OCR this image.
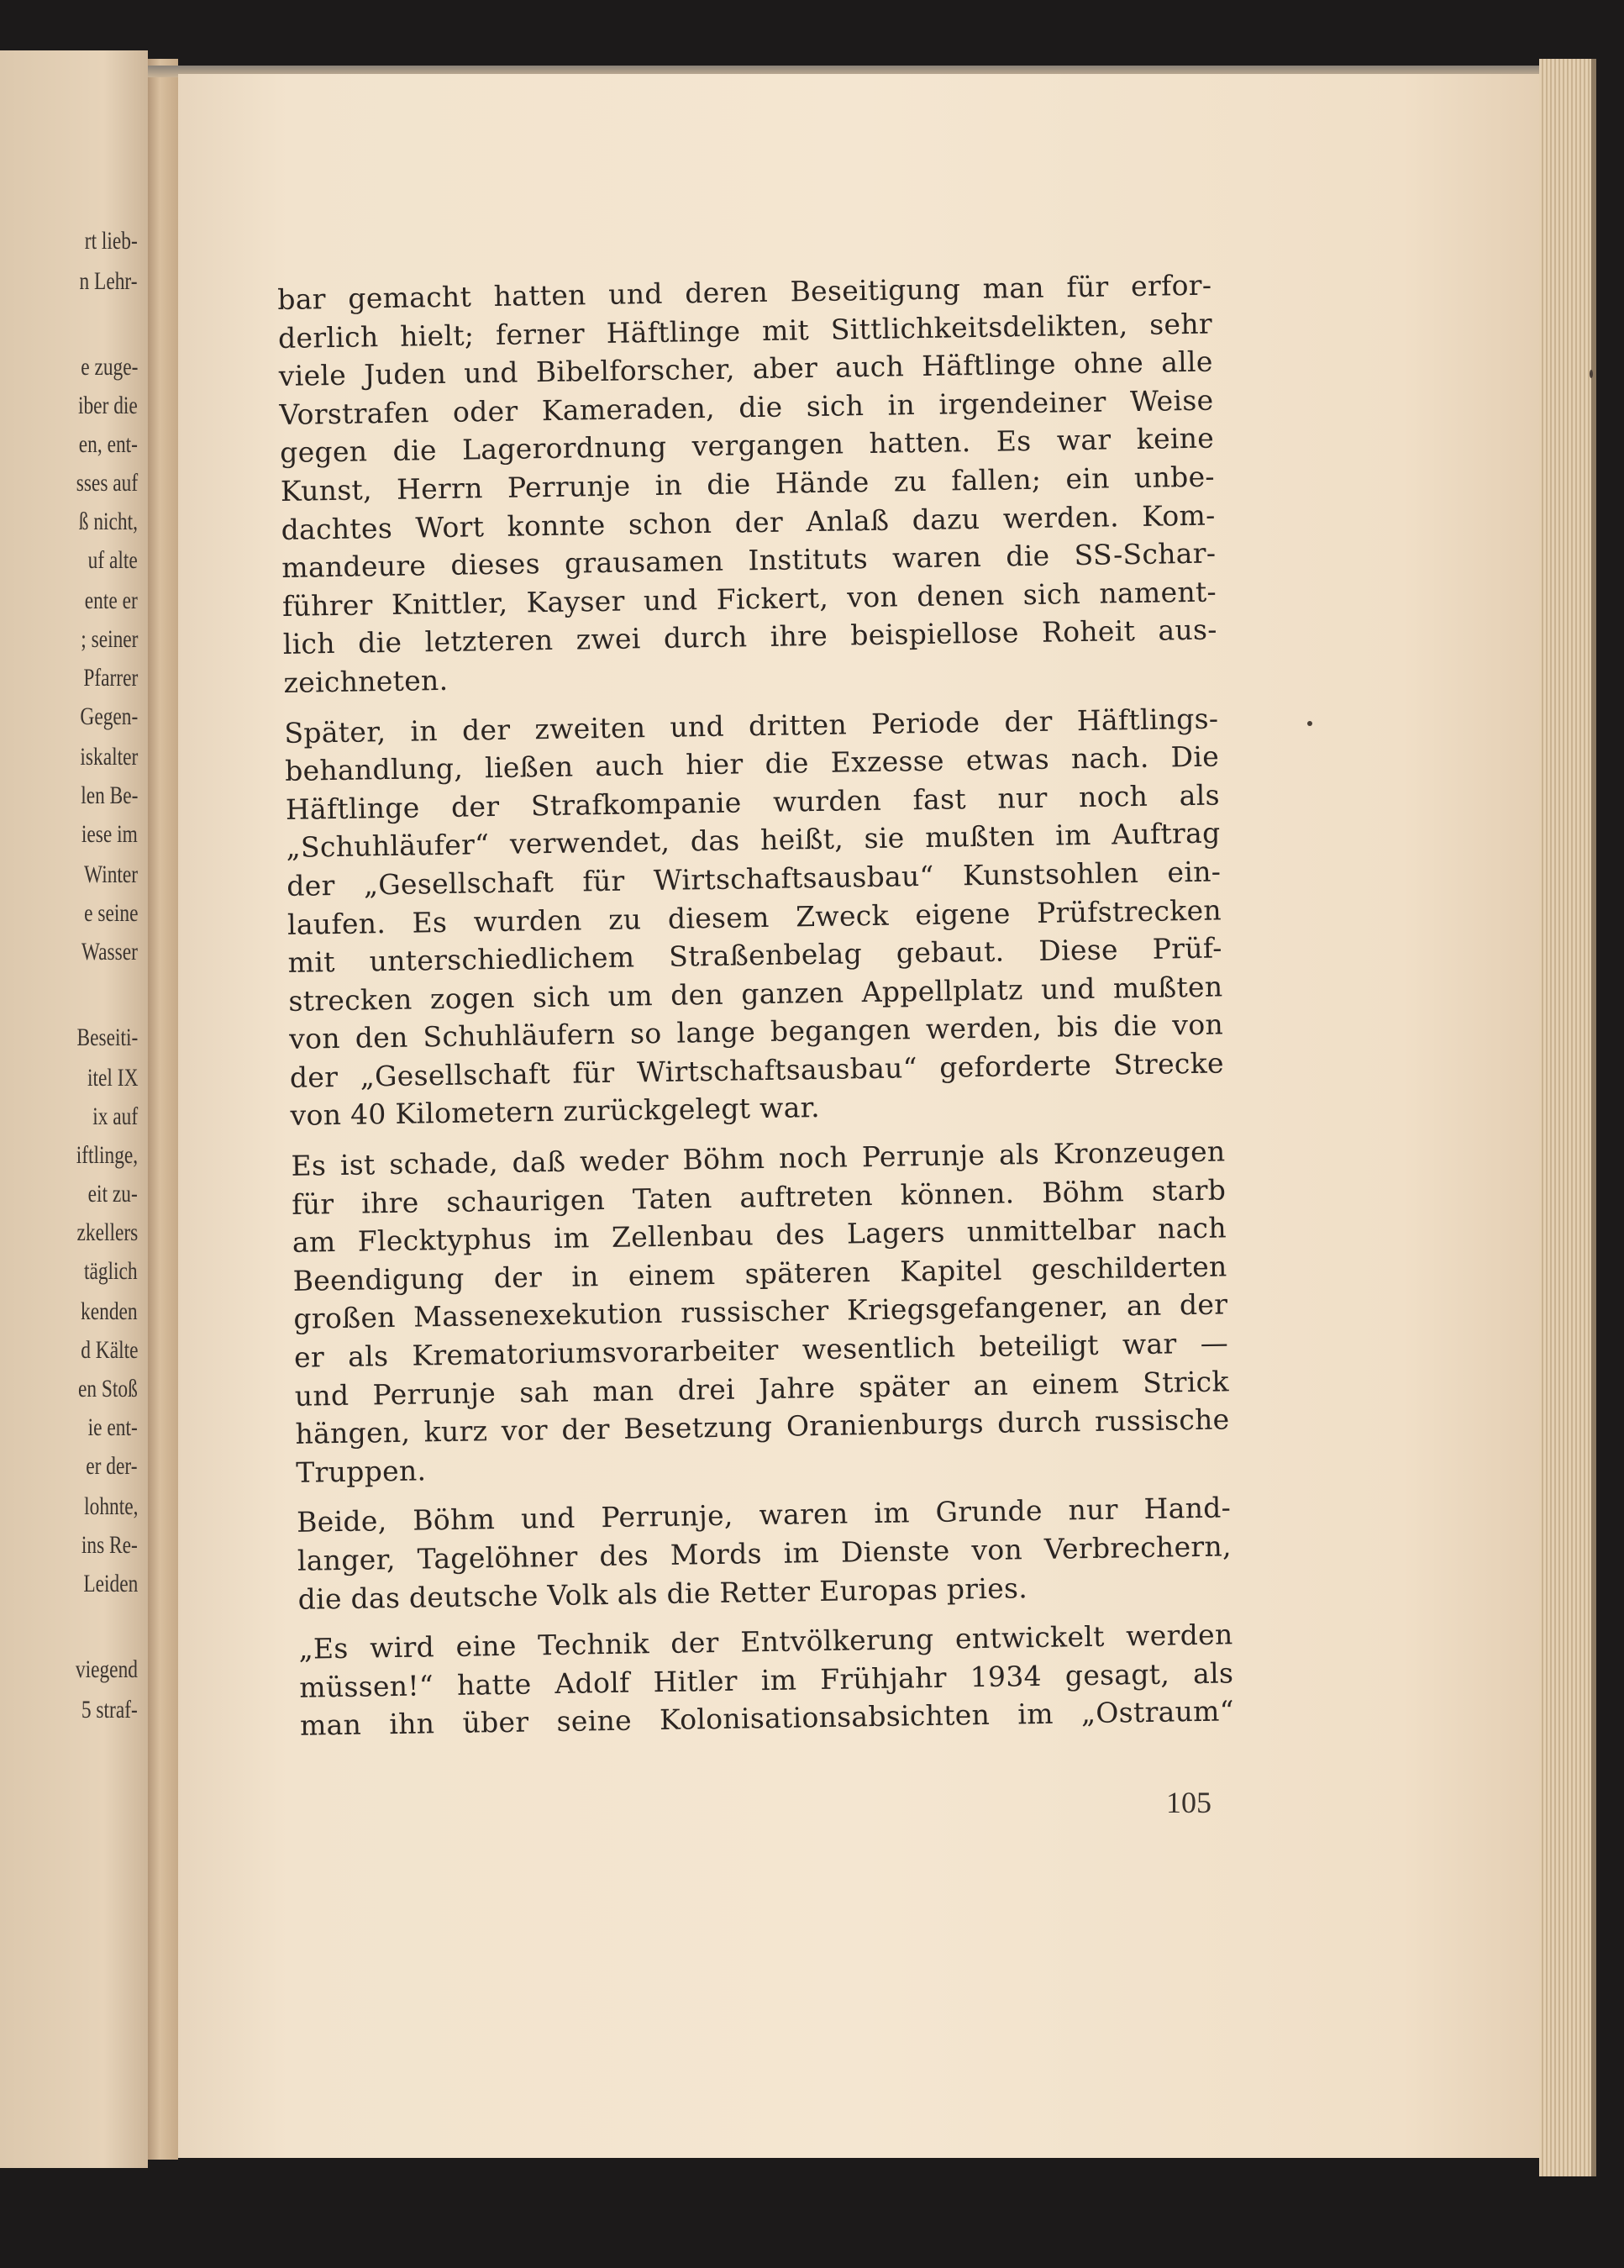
rt lieb-
n Lehr-
e zuge-
iber die
en, ent-
sses auf
ß nicht,
uf alte
ente er
; seiner
Pfarrer
Gegen-
iskalter
len Be-
iese im
Winter
e seine
Wasser
Beseiti-
itel IX
ix auf
iftlinge,
eit zu-
zkellers
täglich
kenden
d Kälte
en Stoß
ie ent-
er der-
lohnte,
ins Re-
Leiden
viegend
5 straf-
bar gemacht hatten und deren Beseitigung man für erfor-
derlich hielt; ferner Häftlinge mit Sittlichkeitsdelikten, sehr
viele Juden und Bibelforscher, aber auch Häftlinge ohne alle
Vorstrafen oder Kameraden, die sich in irgendeiner Weise
gegen die Lagerordnung vergangen hatten. Es war keine
Kunst, Herrn Perrunje in die Hände zu fallen; ein unbe-
dachtes Wort konnte schon der Anlaß dazu werden. Kom-
mandeure dieses grausamen Instituts waren die SS-Schar-
führer Knittler, Kayser und Fickert, von denen sich nament-
lich die letzteren zwei durch ihre beispiellose Roheit aus-
zeichneten.
Später, in der zweiten und dritten Periode der Häftlings-
behandlung, ließen auch hier die Exzesse etwas nach. Die
Häftlinge der Strafkompanie wurden fast nur noch als
„Schuhläufer“ verwendet, das heißt, sie mußten im Auftrag
der „Gesellschaft für Wirtschaftsausbau“ Kunstsohlen ein-
laufen. Es wurden zu diesem Zweck eigene Prüfstrecken
mit unterschiedlichem Straßenbelag gebaut. Diese Prüf-
strecken zogen sich um den ganzen Appellplatz und mußten
von den Schuhläufern so lange begangen werden, bis die von
der „Gesellschaft für Wirtschaftsausbau“ geforderte Strecke
von 40 Kilometern zurückgelegt war.
Es ist schade, daß weder Böhm noch Perrunje als Kronzeugen
für ihre schaurigen Taten auftreten können. Böhm starb
am Flecktyphus im Zellenbau des Lagers unmittelbar nach
Beendigung der in einem späteren Kapitel geschilderten
großen Massenexekution russischer Kriegsgefangener, an der
er als Krematoriumsvorarbeiter wesentlich beteiligt war —
und Perrunje sah man drei Jahre später an einem Strick
hängen, kurz vor der Besetzung Oranienburgs durch russische
Truppen.
Beide, Böhm und Perrunje, waren im Grunde nur Hand-
langer, Tagelöhner des Mords im Dienste von Verbrechern,
die das deutsche Volk als die Retter Europas pries.
„Es wird eine Technik der Entvölkerung entwickelt werden
müssen!“ hatte Adolf Hitler im Frühjahr 1934 gesagt, als
man ihn über seine Kolonisationsabsichten im „Ostraum“
105
